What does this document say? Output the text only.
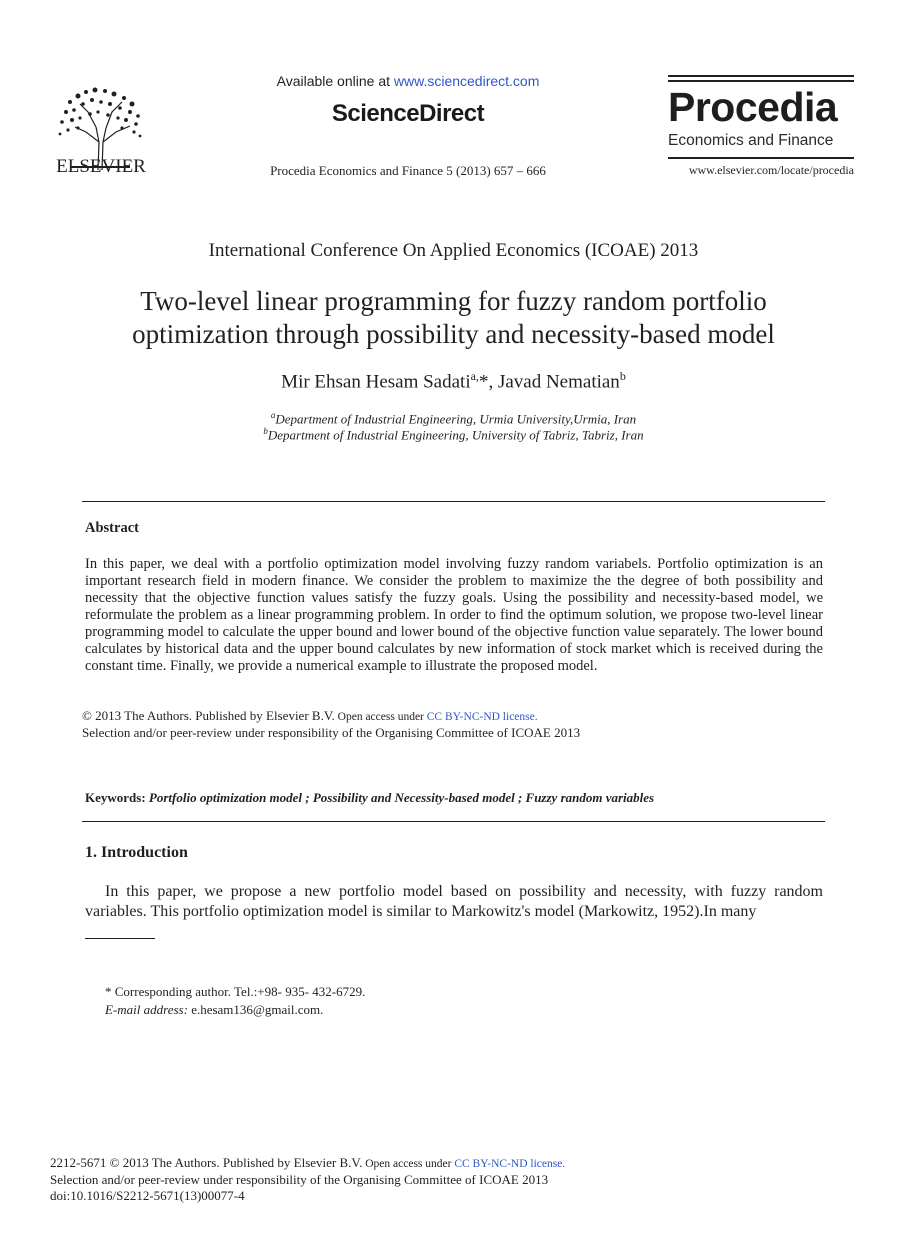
ELSEVIER
Available online at www.sciencedirect.com
ScienceDirect
Procedia Economics and Finance 5 (2013) 657 – 666
Procedia
Economics and Finance
www.elsevier.com/locate/procedia
International Conference On Applied Economics (ICOAE) 2013
Two-level linear programming for fuzzy random portfolio
optimization through possibility and necessity-based model
Mir Ehsan Hesam Sadati$^{a,}$*, Javad Nematian$^b$
$^a$Department of Industrial Engineering, Urmia University,Urmia, Iran
$^b$Department of Industrial Engineering, University of Tabriz, Tabriz, Iran
Abstract
In this paper, we deal with a portfolio optimization model involving fuzzy random variabels. Portfolio optimization is an important research field in modern finance. We consider the problem to maximize the the degree of both possibility and necessity that the objective function values satisfy the fuzzy goals. Using the possibility and necessity-based model, we reformulate the problem as a linear programming problem. In order to find the optimum solution, we propose two-level linear programming model to calculate the upper bound and lower bound of the objective function value separately. The lower bound calculates by historical data and the upper bound calculates by new information of stock market which is received during the constant time. Finally, we provide a numerical example to illustrate the proposed model.
© 2013 The Authors. Published by Elsevier B.V. Open access under CC BY-NC-ND license.
Selection and/or peer-review under responsibility of the Organising Committee of ICOAE 2013
Keywords: Portfolio optimization model ; Possibility and Necessity-based model ; Fuzzy random variables
1. Introduction
In this paper, we propose a new portfolio model based on possibility and necessity, with fuzzy random variables. This portfolio optimization model is similar to Markowitz's model (Markowitz, 1952).In many
* Corresponding author. Tel.:+98- 935- 432-6729.
E-mail address: e.hesam136@gmail.com.
2212-5671 © 2013 The Authors. Published by Elsevier B.V. Open access under CC BY-NC-ND license.
Selection and/or peer-review under responsibility of the Organising Committee of ICOAE 2013
doi:10.1016/S2212-5671(13)00077-4
